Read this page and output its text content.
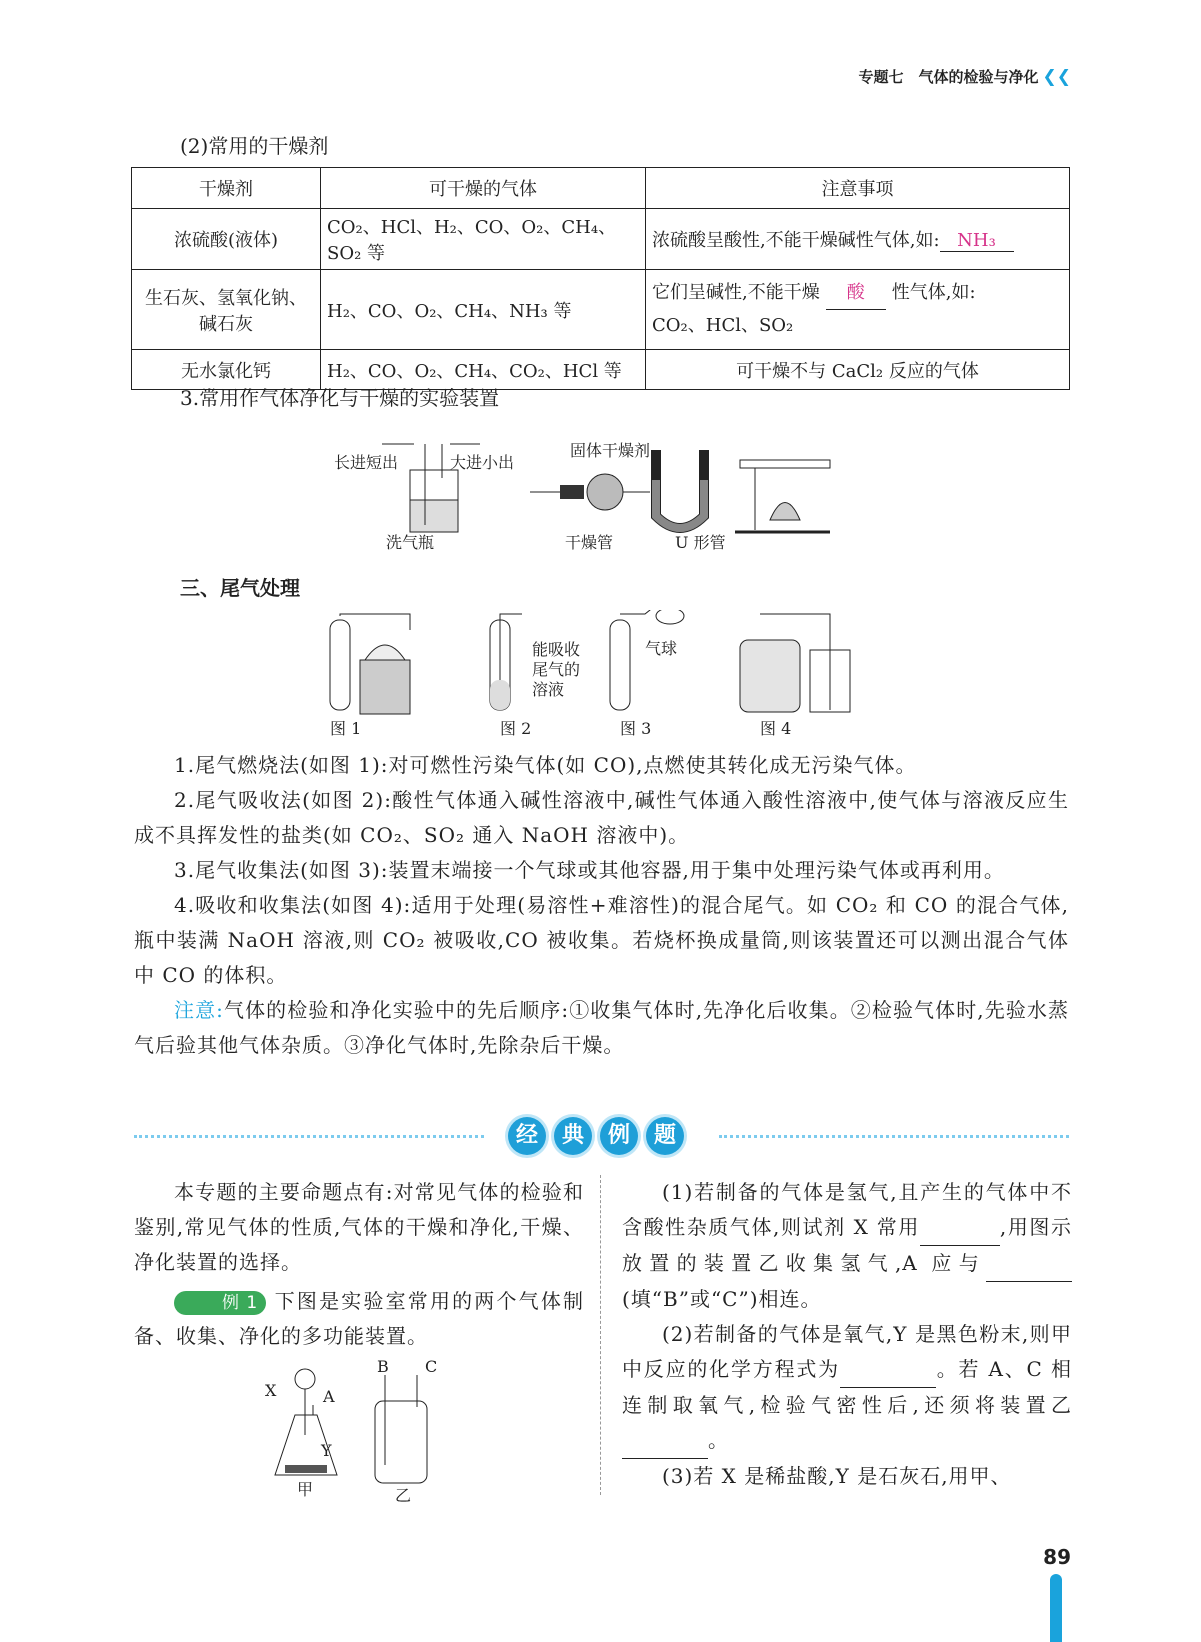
专题七　气体的检验与净化 ❮❮

(2)常用的干燥剂

干燥剂	可干燥的气体	注意事项
浓硫酸(液体)	CO₂、HCl、H₂、CO、O₂、CH₄、SO₂ 等	浓硫酸呈酸性,不能干燥碱性气体,如: NH₃
生石灰、氢氧化钠、碱石灰	H₂、CO、O₂、CH₄、NH₃ 等	它们呈碱性,不能干燥 酸 性气体,如:
CO₂、HCl、SO₂
无水氯化钙	H₂、CO、O₂、CH₄、CO₂、HCl 等	可干燥不与 CaCl₂ 反应的气体

3.常用作气体净化与干燥的实验装置

长进短出	大进小出
固体干燥剂
洗气瓶	干燥管	U 形管

三、尾气处理

能吸收
尾气的
溶液
气球
图 1	图 2	图 3	图 4

1.尾气燃烧法(如图 1):对可燃性污染气体(如 CO),点燃使其转化成无污染气体。

2.尾气吸收法(如图 2):酸性气体通入碱性溶液中,碱性气体通入酸性溶液中,使气体与溶液反应生成不具挥发性的盐类(如 CO₂、SO₂ 通入 NaOH 溶液中)。

3.尾气收集法(如图 3):装置末端接一个气球或其他容器,用于集中处理污染气体或再利用。

4.吸收和收集法(如图 4):适用于处理(易溶性+难溶性)的混合尾气。如 CO₂ 和 CO 的混合气体,瓶中装满 NaOH 溶液,则 CO₂ 被吸收,CO 被收集。若烧杯换成量筒,则该装置还可以测出混合气体中 CO 的体积。

注意:气体的检验和净化实验中的先后顺序:①收集气体时,先净化后收集。②检验气体时,先验水蒸气后验其他气体杂质。③净化气体时,先除杂后干燥。

经 典 例 题

本专题的主要命题点有:对常见气体的检验和鉴别,常见气体的性质,气体的干燥和净化,干燥、净化装置的选择。

例 1 下图是实验室常用的两个气体制备、收集、净化的多功能装置。

X	A
Y
B C
甲	乙

(1)若制备的气体是氢气,且产生的气体中不含酸性杂质气体,则试剂 X 常用	,用图示放置的装置乙收集氢气,A 应与 (填“B”或“C”)相连。

(2)若制备的气体是氧气,Y 是黑色粉末,则甲中反应的化学方程式为	。若 A、C 相连制取氧气,检验气密性后,还须将装置乙 。

(3)若 X 是稀盐酸,Y 是石灰石,用甲、

89
